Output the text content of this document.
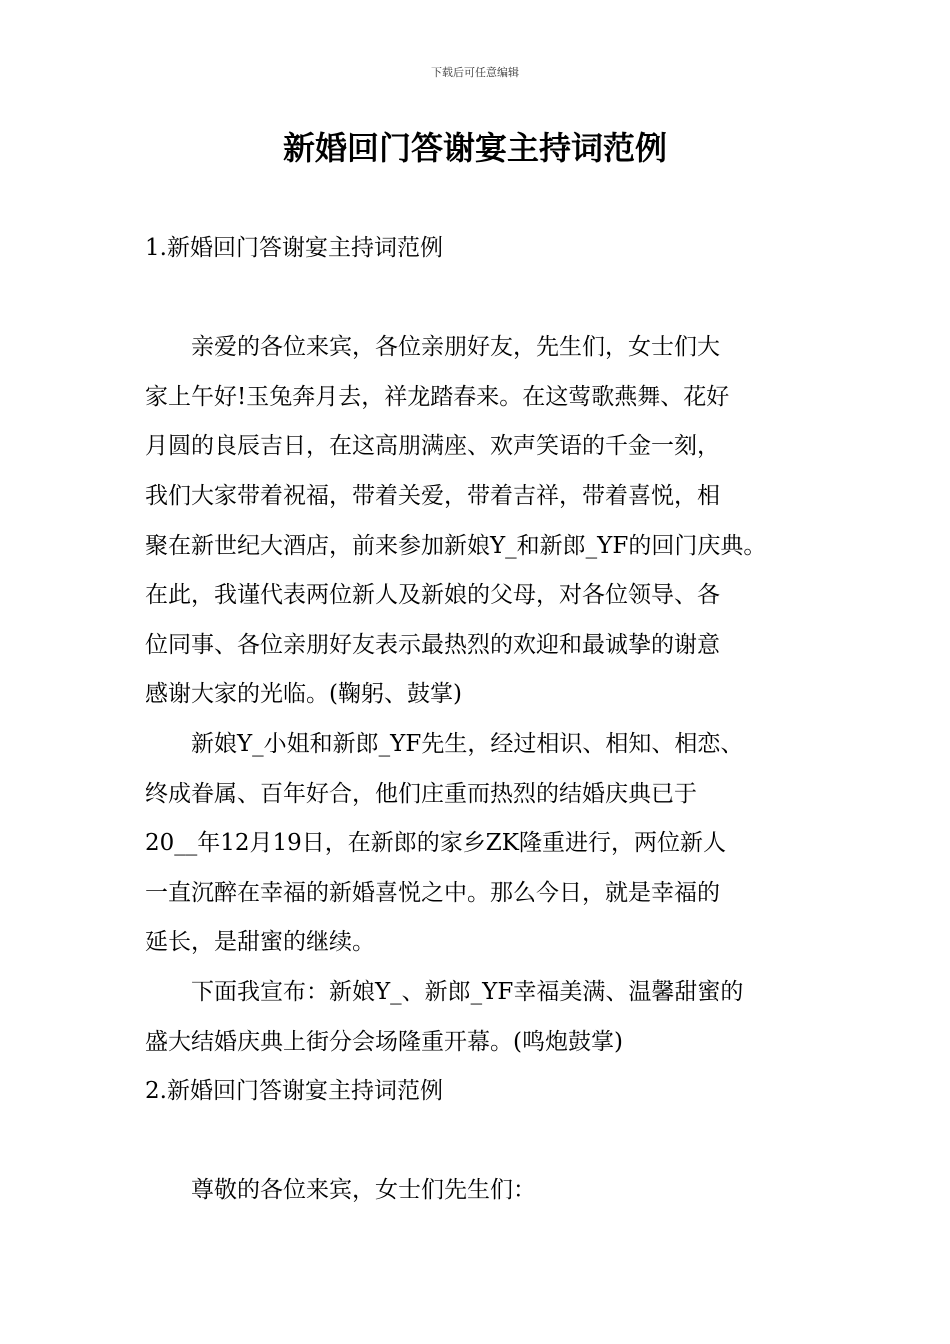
下载后可任意编辑
新婚回门答谢宴主持词范例

1.新婚回门答谢宴主持词范例

亲爱的各位来宾，各位亲朋好友，先生们，女士们大
家上午好!玉兔奔月去，祥龙踏春来。在这莺歌燕舞、花好
月圆的良辰吉日，在这高朋满座、欢声笑语的千金一刻，
我们大家带着祝福，带着关爱，带着吉祥，带着喜悦，相
聚在新世纪大酒店，前来参加新娘Y_和新郎_YF的回门庆典。
在此，我谨代表两位新人及新娘的父母，对各位领导、各
位同事、各位亲朋好友表示最热烈的欢迎和最诚挚的谢意
感谢大家的光临。(鞠躬、鼓掌)
新娘Y_小姐和新郎_YF先生，经过相识、相知、相恋、
终成眷属、百年好合，他们庄重而热烈的结婚庆典已于
20__年12月19日，在新郎的家乡ZK隆重进行，两位新人
一直沉醉在幸福的新婚喜悦之中。那么今日，就是幸福的
延长，是甜蜜的继续。
下面我宣布：新娘Y_、新郎_YF幸福美满、温馨甜蜜的
盛大结婚庆典上街分会场隆重开幕。(鸣炮鼓掌)

2.新婚回门答谢宴主持词范例

尊敬的各位来宾，女士们先生们：
